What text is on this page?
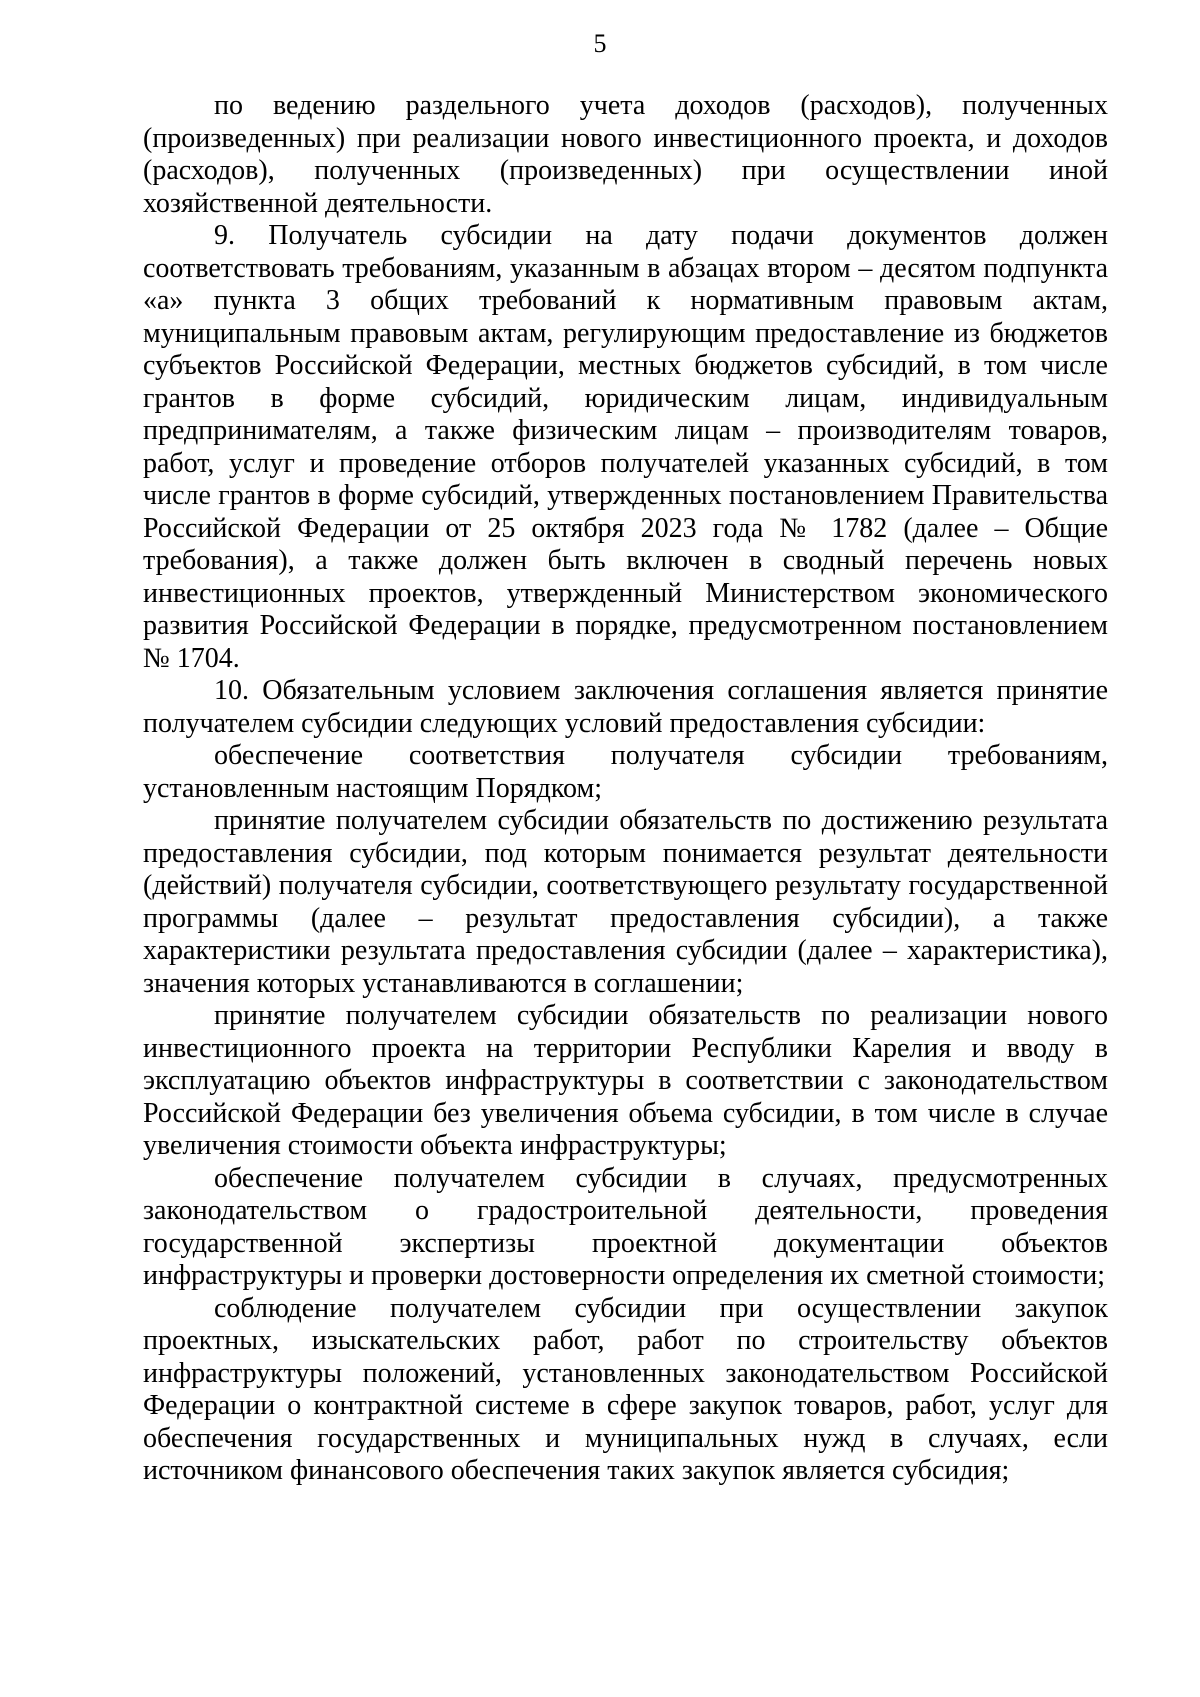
5

по ведению раздельного учета доходов (расходов), полученных (произведенных) при реализации нового инвестиционного проекта, и доходов (расходов), полученных (произведенных) при осуществлении иной хозяйственной деятельности.

9. Получатель субсидии на дату подачи документов должен соответствовать требованиям, указанным в абзацах втором – десятом подпункта «а» пункта 3 общих требований к нормативным правовым актам, муниципальным правовым актам, регулирующим предоставление из бюджетов субъектов Российской Федерации, местных бюджетов субсидий, в том числе грантов в форме субсидий, юридическим лицам, индивидуальным предпринимателям, а также физическим лицам – производителям товаров, работ, услуг и проведение отборов получателей указанных субсидий, в том числе грантов в форме субсидий, утвержденных постановлением Правительства Российской Федерации от 25 октября 2023 года № 1782 (далее – Общие требования), а также должен быть включен в сводный перечень новых инвестиционных проектов, утвержденный Министерством экономического развития Российской Федерации в порядке, предусмотренном постановлением № 1704.

10. Обязательным условием заключения соглашения является принятие получателем субсидии следующих условий предоставления субсидии:

обеспечение соответствия получателя субсидии требованиям, установленным настоящим Порядком;

принятие получателем субсидии обязательств по достижению результата предоставления субсидии, под которым понимается результат деятельности (действий) получателя субсидии, соответствующего результату государственной программы (далее – результат предоставления субсидии), а также характеристики результата предоставления субсидии (далее – характеристика), значения которых устанавливаются в соглашении;

принятие получателем субсидии обязательств по реализации нового инвестиционного проекта на территории Республики Карелия и вводу в эксплуатацию объектов инфраструктуры в соответствии с законодательством Российской Федерации без увеличения объема субсидии, в том числе в случае увеличения стоимости объекта инфраструктуры;

обеспечение получателем субсидии в случаях, предусмотренных законодательством о градостроительной деятельности, проведения государственной экспертизы проектной документации объектов инфраструктуры и проверки достоверности определения их сметной стоимости;

соблюдение получателем субсидии при осуществлении закупок проектных, изыскательских работ, работ по строительству объектов инфраструктуры положений, установленных законодательством Российской Федерации о контрактной системе в сфере закупок товаров, работ, услуг для обеспечения государственных и муниципальных нужд в случаях, если источником финансового обеспечения таких закупок является субсидия;
